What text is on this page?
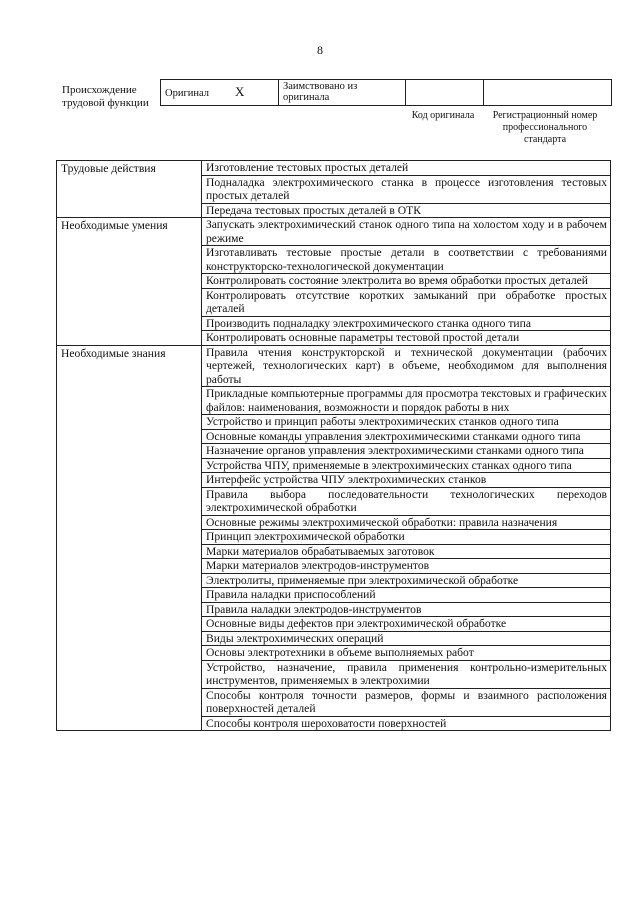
8
Происхождение трудовой функции
Оригинал X	Заимствовано из оригинала		
Код оригинала	Регистрационный номер профессионального стандарта
Трудовые действия	Изготовление тестовых простых деталей
	Подналадка электрохимического станка в процессе изготовления тестовых простых деталей
	Передача тестовых простых деталей в ОТК
Необходимые умения	Запускать электрохимический станок одного типа на холостом ходу и в рабочем режиме
	Изготавливать тестовые простые детали в соответствии с требованиями конструкторско-технологической документации
	Контролировать состояние электролита во время обработки простых деталей
	Контролировать отсутствие коротких замыканий при обработке простых деталей
	Производить подналадку электрохимического станка одного типа
	Контролировать основные параметры тестовой простой детали
Необходимые знания	Правила чтения конструкторской и технической документации (рабочих чертежей, технологических карт) в объеме, необходимом для выполнения работы
	Прикладные компьютерные программы для просмотра текстовых и графических файлов: наименования, возможности и порядок работы в них
	Устройство и принцип работы электрохимических станков одного типа
	Основные команды управления электрохимическими станками одного типа
	Назначение органов управления электрохимическими станками одного типа
	Устройства ЧПУ, применяемые в электрохимических станках одного типа
	Интерфейс устройства ЧПУ электрохимических станков
	Правила выбора последовательности технологических переходов электрохимической обработки
	Основные режимы электрохимической обработки: правила назначения
	Принцип электрохимической обработки
	Марки материалов обрабатываемых заготовок
	Марки материалов электродов-инструментов
	Электролиты, применяемые при электрохимической обработке
	Правила наладки приспособлений
	Правила наладки электродов-инструментов
	Основные виды дефектов при электрохимической обработке
	Виды электрохимических операций
	Основы электротехники в объеме выполняемых работ
	Устройство, назначение, правила применения контрольно-измерительных инструментов, применяемых в электрохимии
	Способы контроля точности размеров, формы и взаимного расположения поверхностей деталей
	Способы контроля шероховатости поверхностей
